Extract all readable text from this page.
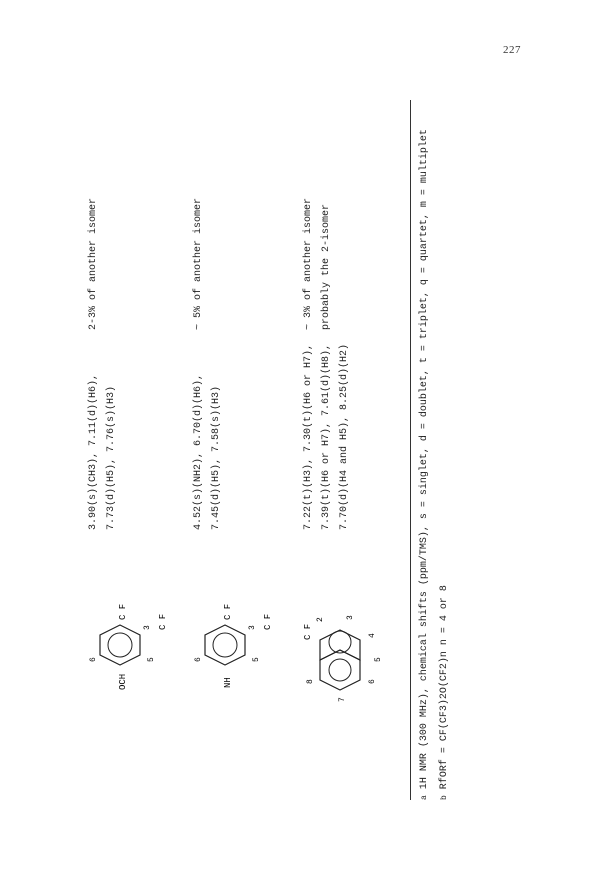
227
OCH
6	5
3
C F
C F
3.90(s)(CH3), 7.11(d)(H6), 7.73(d)(H5), 7.76(s)(H3)
2-3% of another isomer
NH
6	5
3
C F
C F
4.52(s)(NH2), 6.70(d)(H6), 7.45(d)(H5), 7.58(s)(H3)
~ 5% of another isomer
7
8	6
5
4
3
2
C F
7.22(t)(H3), 7.30(t)(H6 or H7), 7.39(t)(H6 or H7), 7.61(d)(H8), 7.70(d)(H4 and H5), 8.25(d)(H2)
~ 3% of another isomer probably the 2-isomer
a1H NMR (300 MHz), chemical shifts (ppm/TMS), s = singlet, d = doublet, t = triplet, q = quartet, m = multiplet
bRfORf = CF(CF3)2O(CF2)n n = 4 or 8
